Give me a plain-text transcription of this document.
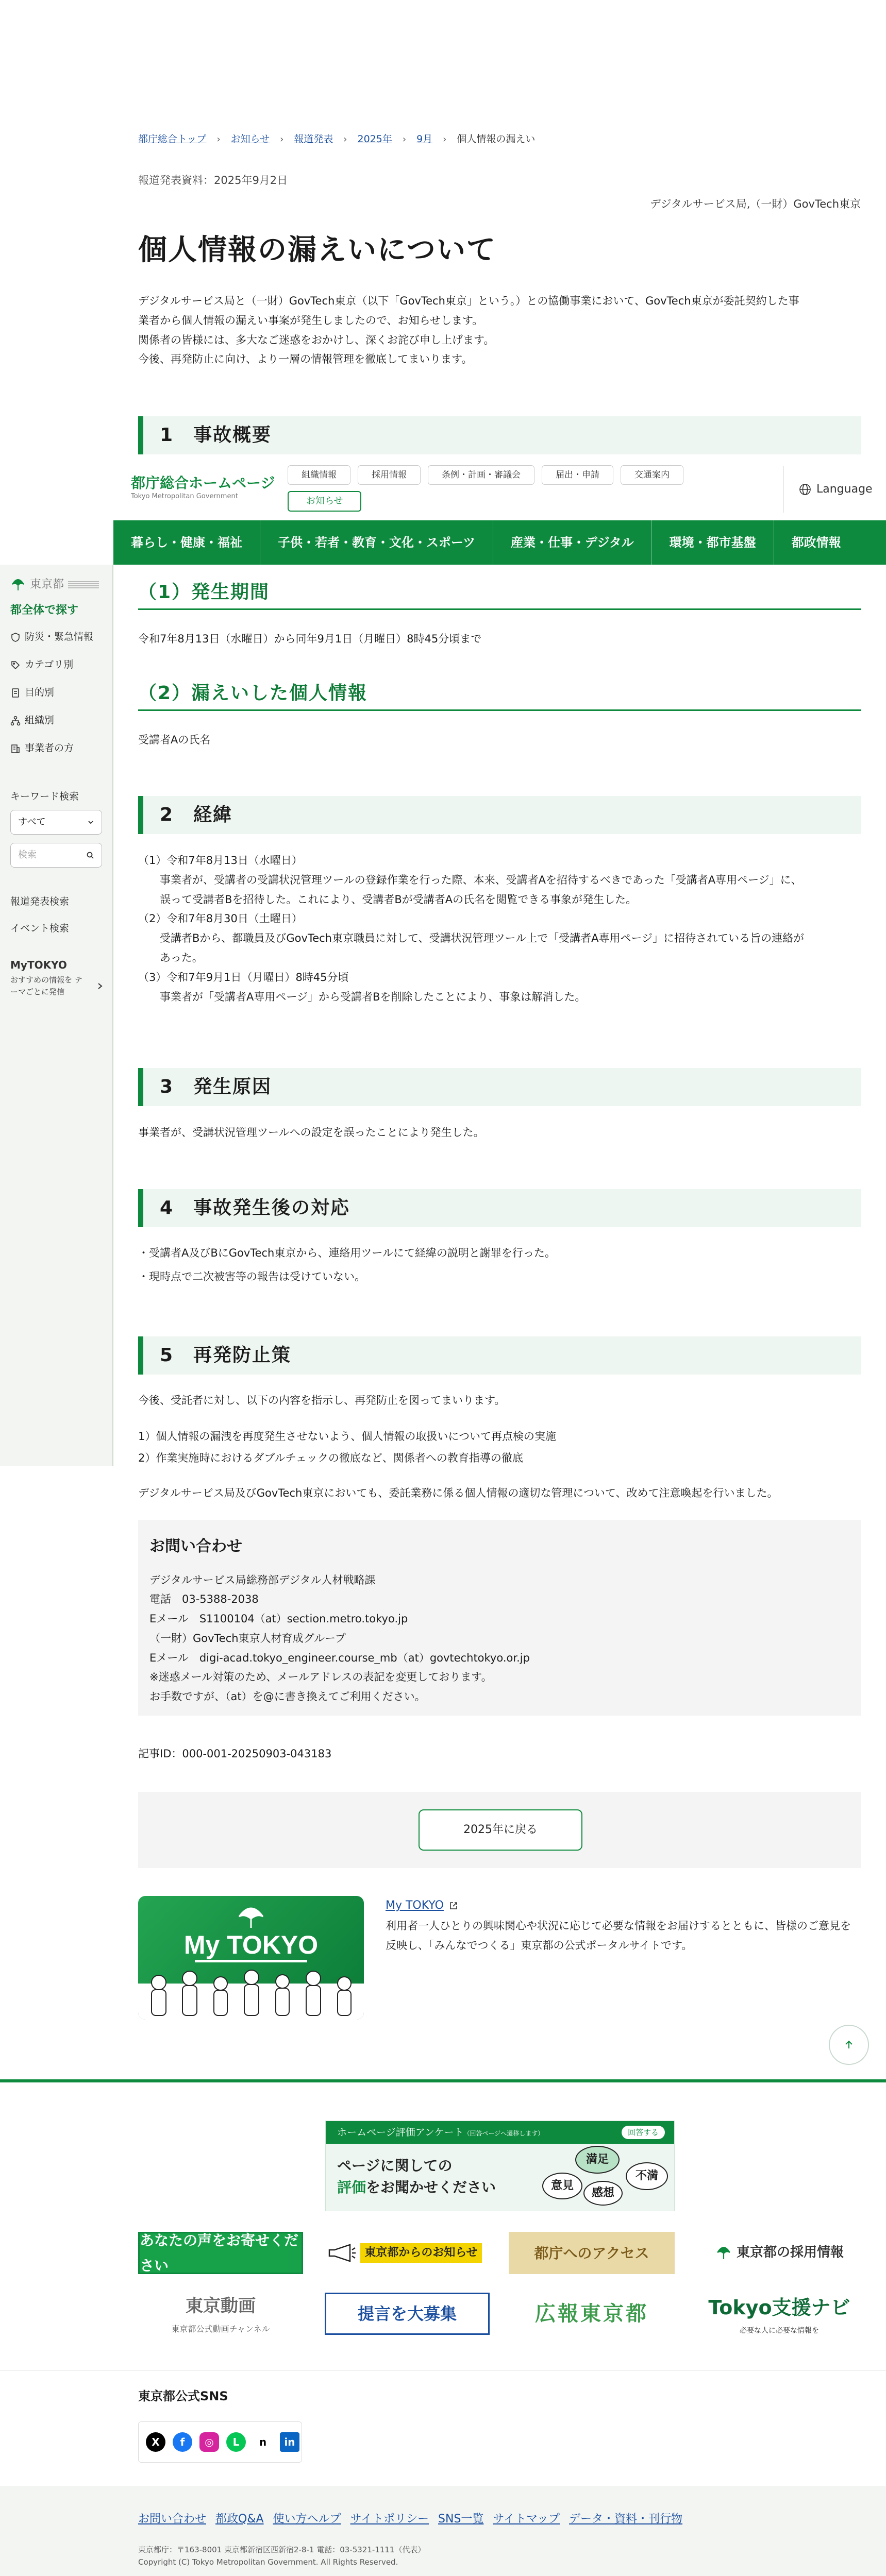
都庁総合トップ › お知らせ › 報道発表 › 2025年 › 9月 › 個人情報の漏えい
報道発表資料：2025年9月2日
デジタルサービス局,（一財）GovTech東京
個人情報の漏えいについて
デジタルサービス局と（一財）GovTech東京（以下「GovTech東京」という。）との協働事業において、GovTech東京が委託契約した事
業者から個人情報の漏えい事案が発生しましたので、お知らせします。
関係者の皆様には、多大なご迷惑をおかけし、深くお詫び申し上げます。
今後、再発防止に向け、より一層の情報管理を徹底してまいります。
1　事故概要
（1）発生期間

令和7年8月13日（水曜日）から同年9月1日（月曜日）8時45分頃まで

（2）漏えいした個人情報

受講者Aの氏名

2　経緯
（1）令和7年8月13日（水曜日）
　　事業者が、受講者の受講状況管理ツールの登録作業を行った際、本来、受講者Aを招待するべきであった「受講者A専用ページ」に、
　　誤って受講者Bを招待した。これにより、受講者Bが受講者Aの氏名を閲覧できる事象が発生した。
（2）令和7年8月30日（土曜日）
　　受講者Bから、都職員及びGovTech東京職員に対して、受講状況管理ツール上で「受講者A専用ページ」に招待されている旨の連絡が
　　あった。
（3）令和7年9月1日（月曜日）8時45分頃
　　事業者が「受講者A専用ページ」から受講者Bを削除したことにより、事象は解消した。
3　発生原因

事業者が、受講状況管理ツールへの設定を誤ったことにより発生した。

4　事故発生後の対応
・受講者A及びBにGovTech東京から、連絡用ツールにて経緯の説明と謝罪を行った。
・現時点で二次被害等の報告は受けていない。
5　再発防止策

今後、受託者に対し、以下の内容を指示し、再発防止を図ってまいります。

1）個人情報の漏洩を再度発生させないよう、個人情報の取扱いについて再点検の実施
2）作業実施時におけるダブルチェックの徹底など、関係者への教育指導の徹底

デジタルサービス局及びGovTech東京においても、委託業務に係る個人情報の適切な管理について、改めて注意喚起を行いました。

都庁総合ホームページ
Tokyo Metropolitan Government
組織情報	採用情報	条例・計画・審議会	届出・申請	交通案内
お知らせ
Language
暮らし・健康・福祉	子供・若者・教育・文化・スポーツ	産業・仕事・デジタル	環境・都市基盤	都政情報
東京都
都全体で探す
防災・緊急情報
カテゴリ別
目的別
組織別
事業者の方
キーワード検索
すべて
検索
報道発表検索
イベント検索
MyTOKYO
おすすめの情報を テーマごとに発信
お問い合わせ
デジタルサービス局総務部デジタル人材戦略課
電話　03-5388-2038
Eメール　S1100104（at）section.metro.tokyo.jp
（一財）GovTech東京人材育成グループ
Eメール　digi-acad.tokyo_engineer.course_mb（at）govtechtokyo.or.jp
※迷惑メール対策のため、メールアドレスの表記を変更しております。
お手数ですが、（at）を@に書き換えてご利用ください。

記事ID：000-001-20250903-043183

2025年に戻る
My TOKYO
My TOKYO

利用者一人ひとりの興味関心や状況に応じて必要な情報をお届けするとともに、皆様のご意見を反映し、「みんなでつくる」東京都の公式ポータルサイトです。

ホームページ評価アンケート（回答ページへ遷移します）	回答する
ページに関しての
評価をお聞かせください
満足
意見
感想
不満
あなたの声をお寄せください
東京都からのお知らせ	都庁へのアクセス	東京都の採用情報
東京動画
東京都公式動画チャンネル
提言を大募集	広報東京都	Tokyo支援ナビ
必要な人に必要な情報を
東京都公式SNS
X	f	◎	L	n	in
お問い合わせ 都政Q&A 使い方ヘルプ サイトポリシー SNS一覧 サイトマップ データ・資料・刊行物
東京都庁：〒163-8001 東京都新宿区西新宿2-8-1 電話：03-5321-1111（代表）
Copyright (C) Tokyo Metropolitan Government. All Rights Reserved.
